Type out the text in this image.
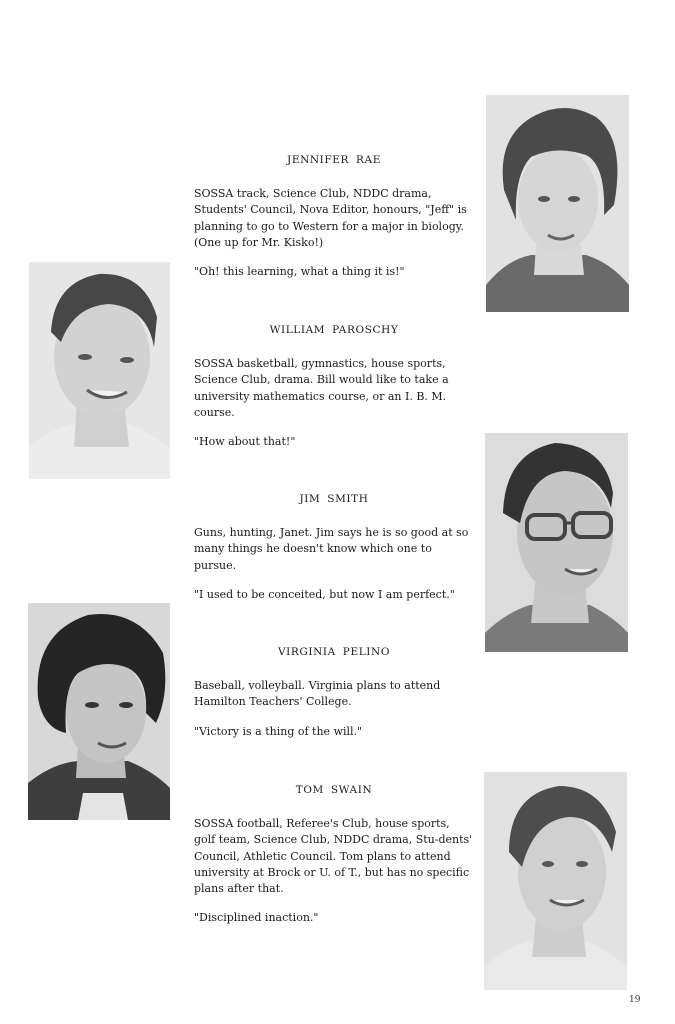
JENNIFER RAE

SOSSA track, Science Club, NDDC drama, Students' Council, Nova Editor, honours, "Jeff" is planning to go to Western for a major in biology. (One up for Mr. Kisko!)

"Oh! this learning, what a thing it is!"

WILLIAM PAROSCHY

SOSSA basketball, gymnastics, house sports, Science Club, drama. Bill would like to take a university mathematics course, or an I. B. M. course.

"How about that!"

JIM SMITH

Guns, hunting, Janet. Jim says he is so good at so many things he doesn't know which one to pursue.

"I used to be conceited, but now I am perfect."

VIRGINIA PELINO

Baseball, volleyball. Virginia plans to attend Hamilton Teachers' College.

"Victory is a thing of the will."

TOM SWAIN

SOSSA football, Referee's Club, house sports, golf team, Science Club, NDDC drama, Stu-dents' Council, Athletic Council. Tom plans to attend university at Brock or U. of T., but has no specific plans after that.

"Disciplined inaction."

19
